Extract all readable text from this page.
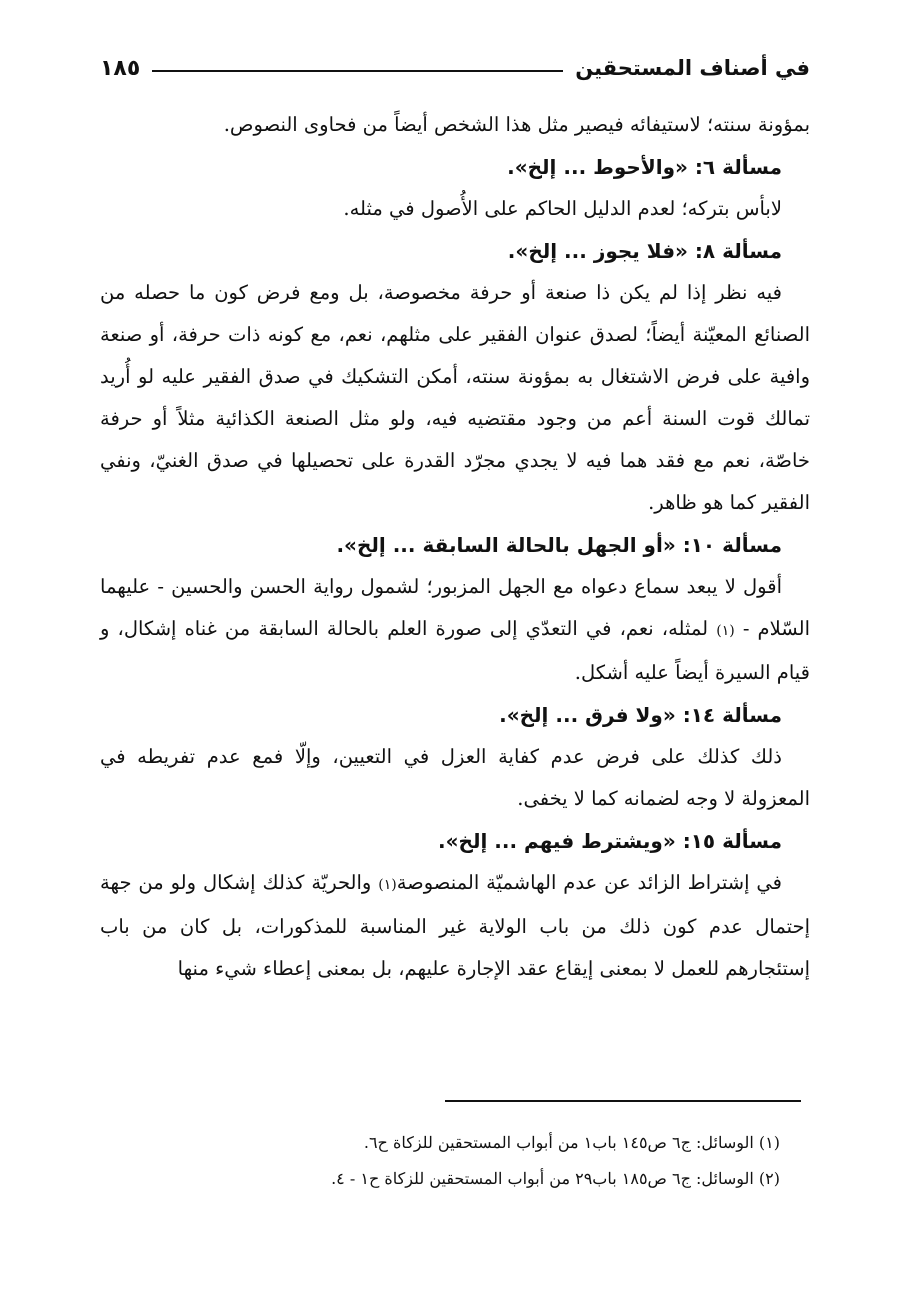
في أصناف المستحقين
١٨٥

بمؤونة سنته؛ لاستيفائه فيصير مثل هذا الشخص أيضاً من فحاوى النصوص.

مسألة ٦: «والأحوط ... إلخ».

لابأس بتركه؛ لعدم الدليل الحاكم على الأُصول في مثله.

مسألة ٨: «فلا يجوز ... إلخ».

فيه نظر إذا لم يكن ذا صنعة أو حرفة مخصوصة، بل ومع فرض كون ما حصله من الصنائع المعيّنة أيضاً؛ لصدق عنوان الفقير على مثلهم، نعم، مع كونه ذات حرفة، أو صنعة وافية على فرض الاشتغال به بمؤونة سنته، أمكن التشكيك في صدق الفقير عليه لو أُريد تمالك قوت السنة أعم من وجود مقتضيه فيه، ولو مثل الصنعة الكذائية مثلاً أو حرفة خاصّة، نعم مع فقد هما فيه لا يجدي مجرّد القدرة على تحصيلها في صدق الغنيّ، ونفي الفقير كما هو ظاهر.

مسألة ١٠: «أو الجهل بالحالة السابقة ... إلخ».

أقول لا يبعد سماع دعواه مع الجهل المزبور؛ لشمول رواية الحسن والحسين - عليهما السّلام - (١) لمثله، نعم، في التعدّي إلى صورة العلم بالحالة السابقة من غناه إشكال، و قيام السيرة أيضاً عليه أشكل.

مسألة ١٤: «ولا فرق ... إلخ».

ذلك كذلك على فرض عدم كفاية العزل في التعيين، وإلّا فمع عدم تفريطه في المعزولة لا وجه لضمانه كما لا يخفى.

مسألة ١٥: «ويشترط فيهم ... إلخ».

في إشتراط الزائد عن عدم الهاشميّة المنصوصة(١) والحريّة كذلك إشكال ولو من جهة إحتمال عدم كون ذلك من باب الولاية غير المناسبة للمذكورات، بل كان من باب إستئجارهم للعمل لا بمعنى إيقاع عقد الإجارة عليهم، بل بمعنى إعطاء شيء منها

(١) الوسائل: ج٦ ص١٤٥ باب١ من أبواب المستحقين للزكاة ح٦.

(٢) الوسائل: ج٦ ص١٨٥ باب٢٩ من أبواب المستحقين للزكاة ح١ - ٤.
